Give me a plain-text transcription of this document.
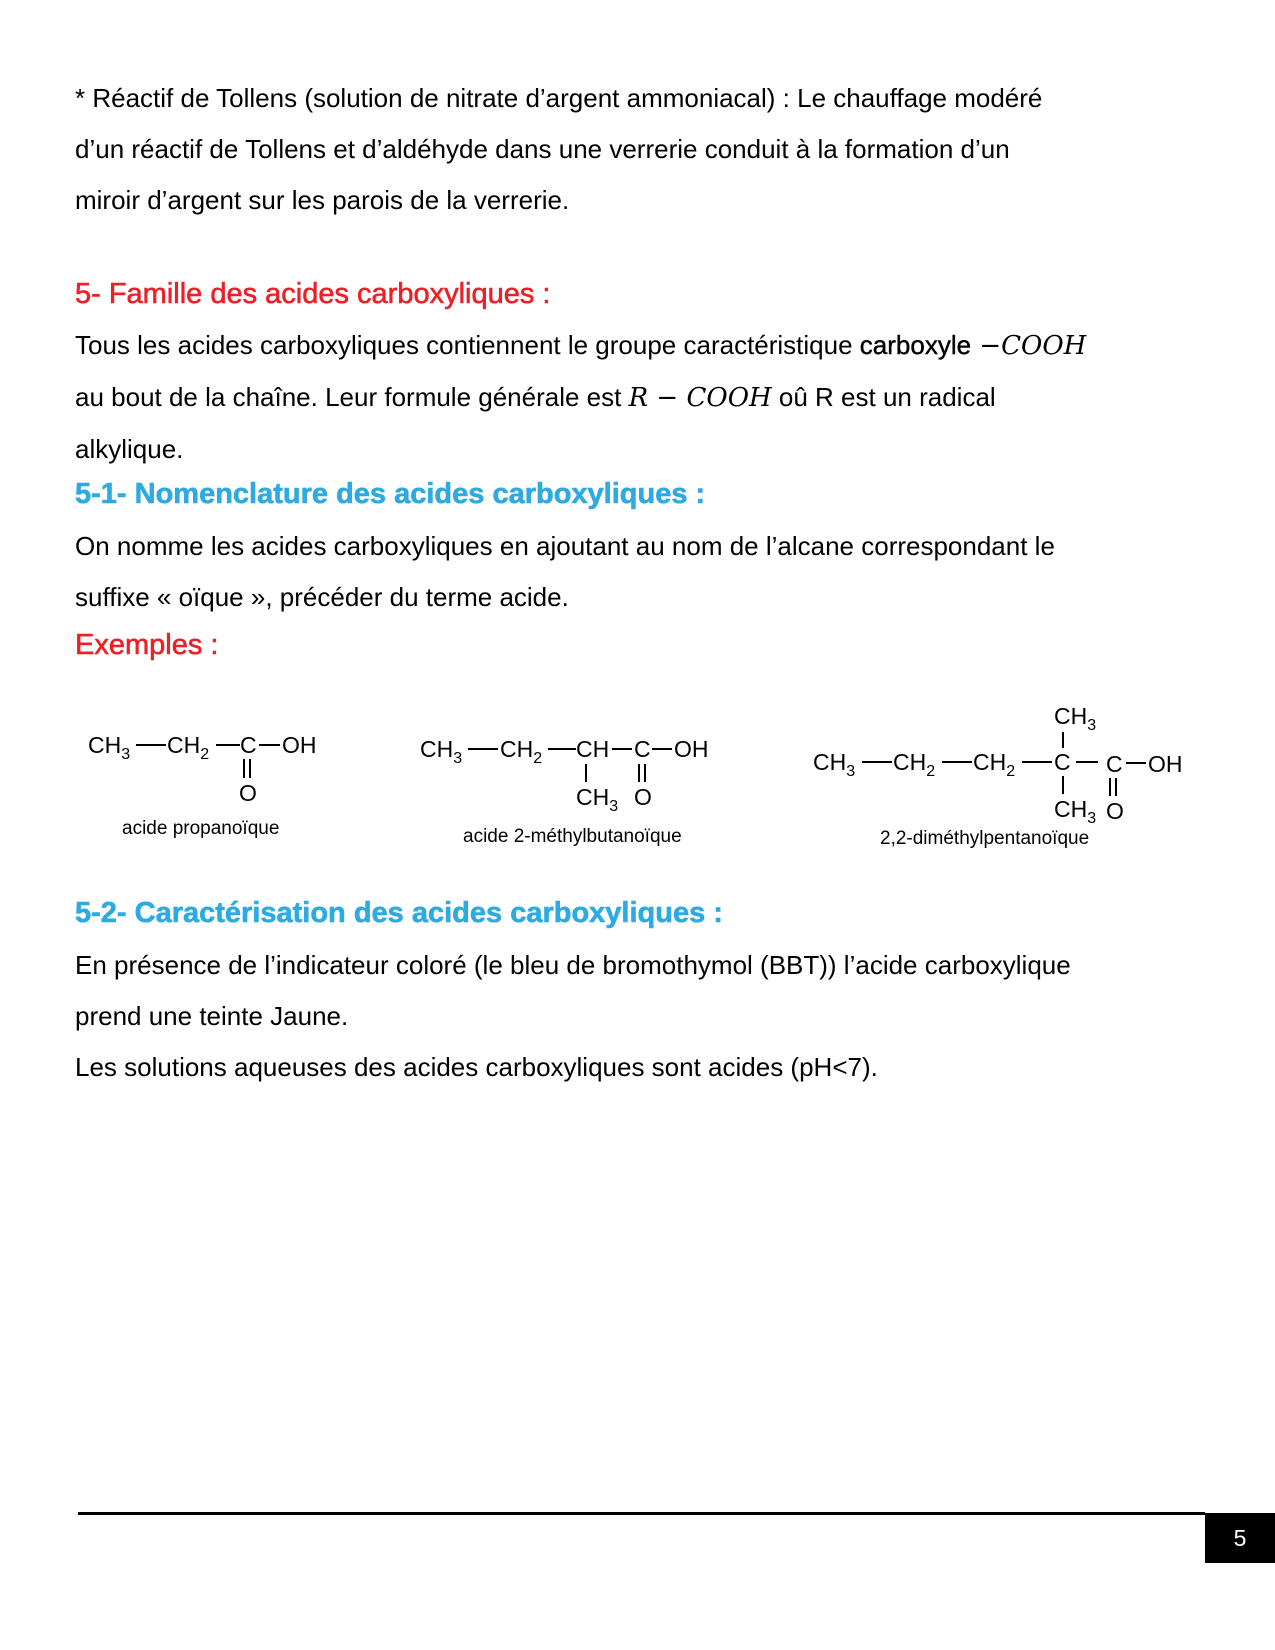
* Réactif de Tollens (solution de nitrate d’argent ammoniacal) : Le chauffage modéré
d’un réactif de Tollens et d’aldéhyde dans une verrerie conduit à la formation d’un
miroir d’argent sur les parois de la verrerie.
5- Famille des acides carboxyliques :
Tous les acides carboxyliques contiennent le groupe caractéristique carboxyle −COOH
au bout de la chaîne. Leur formule générale est R − COOH oû R est un radical
alkylique.
5-1- Nomenclature des acides carboxyliques :
On nomme les acides carboxyliques en ajoutant au nom de l’alcane correspondant le
suffixe « oïque », précéder du terme acide.
Exemples :
$CH_3$ $CH_2$ C OH
O
acide propanoïque
$CH_3$ $CH_2$ CH C OH
$CH_3$ O
acide 2-méthylbutanoïque
$CH_3$
$CH_3$ $CH_2$ $CH_2$ C C OH
$CH_3$ O
2,2-diméthylpentanoïque
5-2- Caractérisation des acides carboxyliques :
En présence de l’indicateur coloré (le bleu de bromothymol (BBT)) l’acide carboxylique
prend une teinte Jaune.
Les solutions aqueuses des acides carboxyliques sont acides (pH<7).
5
